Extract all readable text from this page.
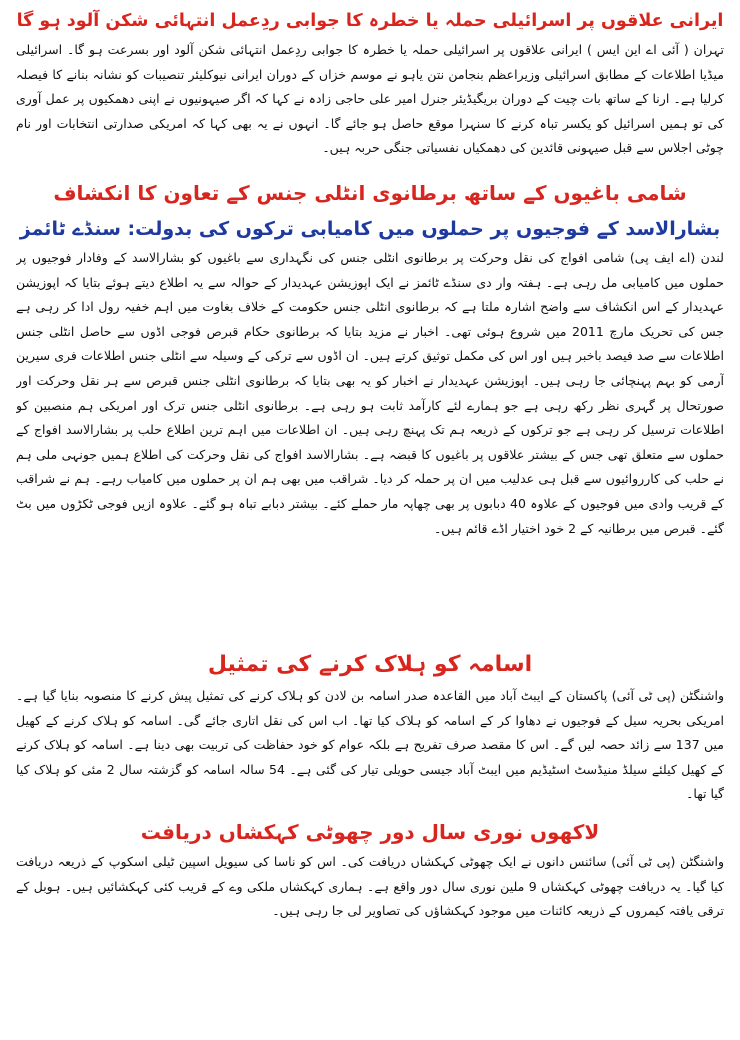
ایرانی علاقوں پر اسرائیلی حملہ یا خطرہ کا جوابی ردِعمل انتہائی شکن آلود ہو گا

تہران ( آئی اے این ایس ) ایرانی علاقوں پر اسرائیلی حملہ یا خطرہ کا جوابی ردِعمل انتہائی شکن آلود اور بسرعت ہو گا۔ اسرائیلی میڈیا اطلاعات کے مطابق اسرائیلی وزیراعظم بنجامن نتن یاہو نے موسم خزاں کے دوران ایرانی نیوکلیئر تنصیبات کو نشانہ بنانے کا فیصلہ کرلیا ہے۔ ارنا کے ساتھ بات چیت کے دوران بریگیڈیئر جنرل امیر علی حاجی زادہ نے کہا کہ اگر صیہونیوں نے اپنی دھمکیوں پر عمل آوری کی تو ہمیں اسرائیل کو یکسر تباہ کرنے کا سنہرا موقع حاصل ہو جائے گا۔ انہوں نے یہ بھی کہا کہ امریکی صدارتی انتخابات اور نام چوٹی اجلاس سے قبل صیہونی قائدین کی دھمکیاں نفسیاتی جنگی حربہ ہیں۔

شامی باغیوں کے ساتھ برطانوی انٹلی جنس کے تعاون کا انکشاف
بشارالاسد کے فوجیوں پر حملوں میں کامیابی ترکوں کی بدولت: سنڈے ٹائمز

لندن (اے ایف پی) شامی افواج کی نقل وحرکت پر برطانوی انٹلی جنس کی نگہداری سے باغیوں کو بشارالاسد کے وفادار فوجیوں پر حملوں میں کامیابی مل رہی ہے۔ ہفتہ وار دی سنڈے ٹائمز نے ایک اپوزیشن عہدیدار کے حوالہ سے یہ اطلاع دیتے ہوئے بتایا کہ اپوزیشن عہدیدار کے اس انکشاف سے واضح اشارہ ملتا ہے کہ برطانوی انٹلی جنس حکومت کے خلاف بغاوت میں اہم خفیہ رول ادا کر رہی ہے جس کی تحریک مارچ 2011 میں شروع ہوئی تھی۔ اخبار نے مزید بتایا کہ برطانوی حکام قبرص فوجی اڈوں سے حاصل انٹلی جنس اطلاعات سے صد فیصد باخبر ہیں اور اس کی مکمل توثیق کرتے ہیں۔ ان اڈوں سے ترکی کے وسیلہ سے انٹلی جنس اطلاعات فری سیرین آرمی کو بہم پہنچائی جا رہی ہیں۔ اپوزیشن عہدیدار نے اخبار کو یہ بھی بتایا کہ برطانوی انٹلی جنس قبرص سے ہر نقل وحرکت اور صورتحال پر گہری نظر رکھ رہی ہے جو ہمارے لئے کارآمد ثابت ہو رہی ہے۔ برطانوی انٹلی جنس ترک اور امریکی ہم منصبین کو اطلاعات ترسیل کر رہی ہے جو ترکوں کے ذریعہ ہم تک پہنچ رہی ہیں۔ ان اطلاعات میں اہم ترین اطلاع حلب پر بشارالاسد افواج کے حملوں سے متعلق تھی جس کے بیشتر علاقوں پر باغیوں کا قبضہ ہے۔ بشارالاسد افواج کی نقل وحرکت کی اطلاع ہمیں جونہی ملی ہم نے حلب کی کارروائیوں سے قبل ہی عدلیب میں ان پر حملہ کر دیا۔ شراقب میں بھی ہم ان پر حملوں میں کامیاب رہے۔ ہم نے شراقب کے قریب وادی میں فوجیوں کے علاوہ 40 دبابوں پر بھی چھاپہ مار حملے کئے۔ بیشتر دبابے تباہ ہو گئے۔ علاوہ ازیں فوجی ٹکڑوں میں بٹ گئے۔ قبرص میں برطانیہ کے 2 خود اختیار اڈے قائم ہیں۔

اسامہ کو ہلاک کرنے کی تمثیل

واشنگٹن (پی ٹی آئی) پاکستان کے ایبٹ آباد میں القاعدہ صدر اسامہ بن لادن کو ہلاک کرنے کی تمثیل پیش کرنے کا منصوبہ بنایا گیا ہے۔ امریکی بحریہ سیل کے فوجیوں نے دھاوا کر کے اسامہ کو ہلاک کیا تھا۔ اب اس کی نقل اتاری جائے گی۔ اسامہ کو ہلاک کرنے کے کھیل میں 137 سے زائد حصہ لیں گے۔ اس کا مقصد صرف تفریح ہے بلکہ عوام کو خود حفاظت کی تربیت بھی دینا ہے۔ اسامہ کو ہلاک کرنے کے کھیل کیلئے سیلڈ منیڈسٹ اسٹیڈیم میں ایبٹ آباد جیسی حویلی تیار کی گئی ہے۔ 54 سالہ اسامہ کو گزشتہ سال 2 مئی کو ہلاک کیا گیا تھا۔

لاکھوں نوری سال دور چھوٹی کہکشاں دریافت

واشنگٹن (پی ٹی آئی) سائنس دانوں نے ایک چھوٹی کہکشاں دریافت کی۔ اس کو ناسا کی سیویل اسپین ٹیلی اسکوپ کے ذریعہ دریافت کیا گیا۔ یہ دریافت چھوٹی کہکشاں 9 ملین نوری سال دور واقع ہے۔ ہماری کہکشاں ملکی وے کے قریب کئی کہکشائیں ہیں۔ ہوبل کے ترقی یافتہ کیمروں کے ذریعہ کائنات میں موجود کہکشاؤں کی تصاویر لی جا رہی ہیں۔
